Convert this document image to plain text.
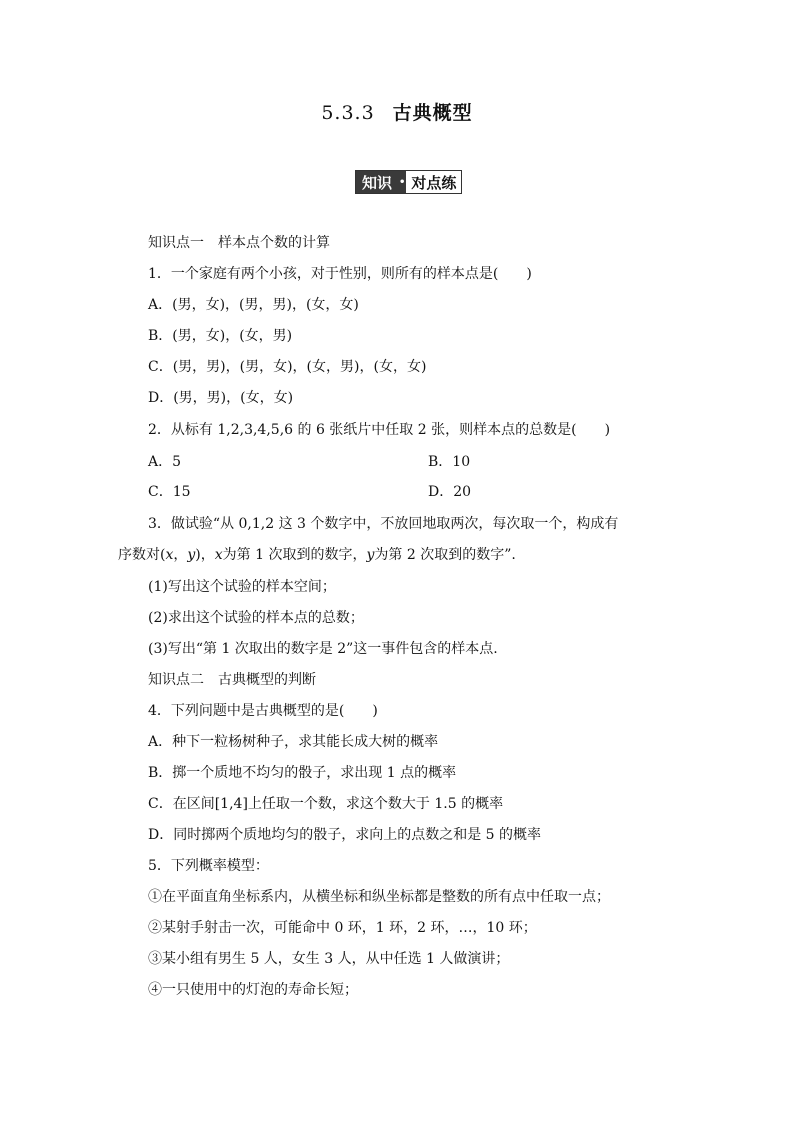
5.3.3 古典概型
知识 • 对点练
知识点一　样本点个数的计算
1．一个家庭有两个小孩，对于性别，则所有的样本点是(　　)
A．(男，女)，(男，男)，(女，女)
B．(男，女)，(女，男)
C．(男，男)，(男，女)，(女，男)，(女，女)
D．(男，男)，(女，女)
2．从标有 1,2,3,4,5,6 的 6 张纸片中任取 2 张，则样本点的总数是(　　)
A．5	B．10
C．15	D．20
3．做试验“从 0,1,2 这 3 个数字中，不放回地取两次，每次取一个，构成有
序数对(x，y)，x为第 1 次取到的数字，y为第 2 次取到的数字”.
(1)写出这个试验的样本空间；
(2)求出这个试验的样本点的总数；
(3)写出“第 1 次取出的数字是 2”这一事件包含的样本点.
知识点二　古典概型的判断
4．下列问题中是古典概型的是(　　)
A．种下一粒杨树种子，求其能长成大树的概率
B．掷一个质地不均匀的骰子，求出现 1 点的概率
C．在区间[1,4]上任取一个数，求这个数大于 1.5 的概率
D．同时掷两个质地均匀的骰子，求向上的点数之和是 5 的概率
5．下列概率模型：
①在平面直角坐标系内，从横坐标和纵坐标都是整数的所有点中任取一点；
②某射手射击一次，可能命中 0 环，1 环，2 环，…，10 环；
③某小组有男生 5 人，女生 3 人，从中任选 1 人做演讲；
④一只使用中的灯泡的寿命长短；
